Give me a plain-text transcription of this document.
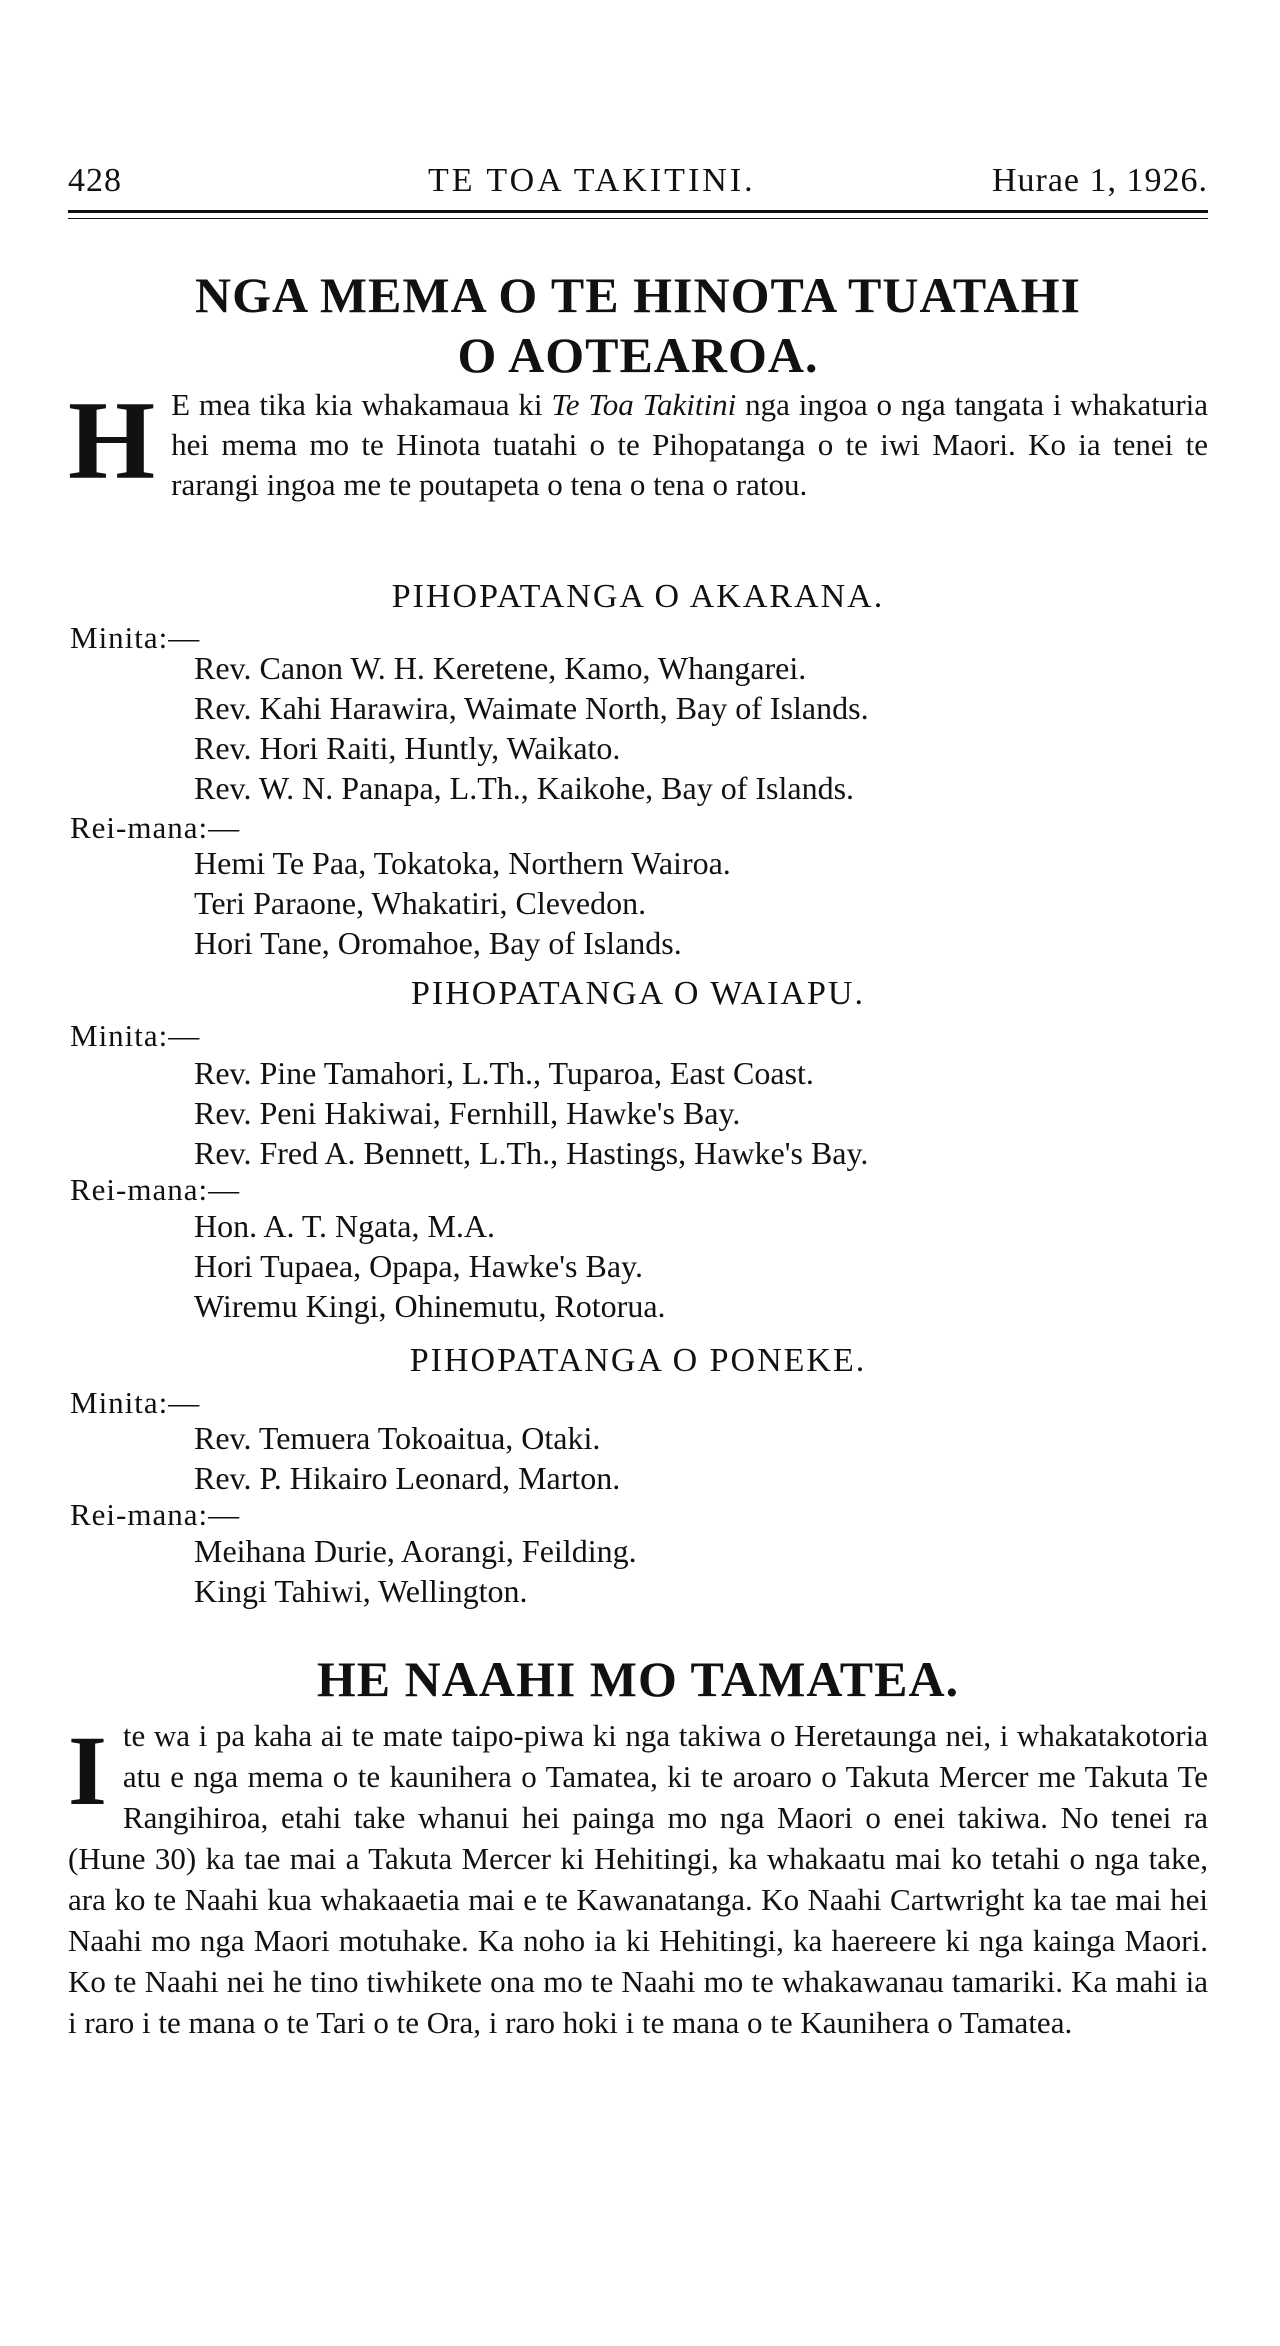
428	TE TOA TAKITINI.	Hurae 1, 1926.
NGA MEMA O TE HINOTA TUATAHI
O AOTEAROA.
H E mea tika kia whakamaua ki Te Toa Takitini nga ingoa o nga tangata i whakaturia hei mema mo te Hinota tuatahi o te Pihopatanga o te iwi Maori. Ko ia tenei te rarangi ingoa me te poutapeta o tena o tena o ratou.
PIHOPATANGA O AKARANA.
Minita:—
Rev. Canon W. H. Keretene, Kamo, Whangarei.
Rev. Kahi Harawira, Waimate North, Bay of Islands.
Rev. Hori Raiti, Huntly, Waikato.
Rev. W. N. Panapa, L.Th., Kaikohe, Bay of Islands.
Rei-mana:—
Hemi Te Paa, Tokatoka, Northern Wairoa.
Teri Paraone, Whakatiri, Clevedon.
Hori Tane, Oromahoe, Bay of Islands.
PIHOPATANGA O WAIAPU.
Minita:—
Rev. Pine Tamahori, L.Th., Tuparoa, East Coast.
Rev. Peni Hakiwai, Fernhill, Hawke's Bay.
Rev. Fred A. Bennett, L.Th., Hastings, Hawke's Bay.
Rei-mana:—
Hon. A. T. Ngata, M.A.
Hori Tupaea, Opapa, Hawke's Bay.
Wiremu Kingi, Ohinemutu, Rotorua.
PIHOPATANGA O PONEKE.
Minita:—
Rev. Temuera Tokoaitua, Otaki.
Rev. P. Hikairo Leonard, Marton.
Rei-mana:—
Meihana Durie, Aorangi, Feilding.
Kingi Tahiwi, Wellington.
HE NAAHI MO TAMATEA.
Ite wa i pa kaha ai te mate taipo-piwa ki nga takiwa o Heretaunga nei, i whakatakotoria atu e nga mema o te kaunihera o Tamatea, ki te aroaro o Takuta Mercer me Takuta Te Rangihiroa, etahi take whanui hei painga mo nga Maori o enei takiwa. No tenei ra (Hune 30) ka tae mai a Takuta Mercer ki Hehitingi, ka whakaatu mai ko tetahi o nga take, ara ko te Naahi kua whakaaetia mai e te Kawanatanga. Ko Naahi Cartwright ka tae mai hei Naahi mo nga Maori motuhake. Ka noho ia ki Hehitingi, ka haereere ki nga kainga Maori. Ko te Naahi nei he tino tiwhikete ona mo te Naahi mo te whakawanau tamariki. Ka mahi ia i raro i te mana o te Tari o te Ora, i raro hoki i te mana o te Kaunihera o Tamatea.
